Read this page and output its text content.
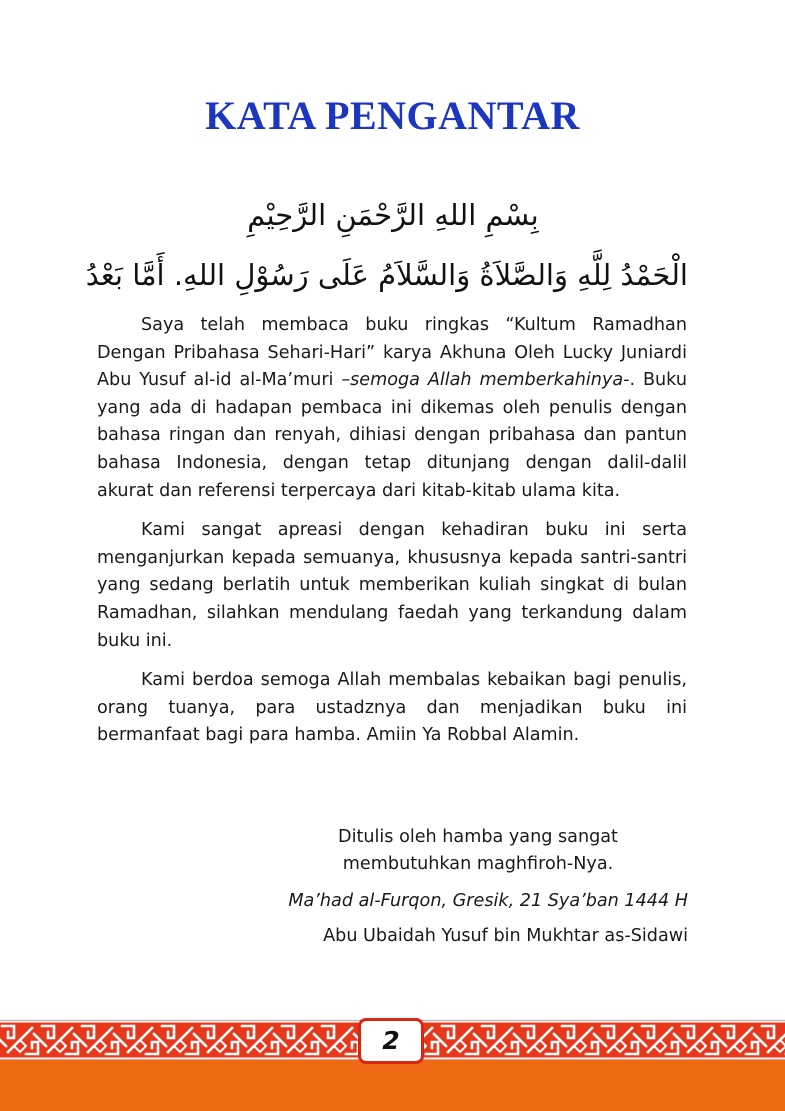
KATA PENGANTAR

بِسْمِ اللهِ الرَّحْمَنِ الرَّحِيْمِ

الْحَمْدُ لِلَّهِ وَالصَّلاَةُ وَالسَّلاَمُ عَلَى رَسُوْلِ اللهِ. أَمَّا بَعْدُ

Saya telah membaca buku ringkas “Kultum Ramadhan Dengan Pribahasa Sehari-Hari” karya Akhuna Oleh Lucky Juniardi Abu Yusuf al-id al-Ma’muri –semoga Allah memberkahinya-. Buku yang ada di hadapan pembaca ini dikemas oleh penulis dengan bahasa ringan dan renyah, dihiasi dengan pribahasa dan pantun bahasa Indonesia, dengan tetap ditunjang dengan dalil-dalil akurat dan referensi terpercaya dari kitab-kitab ulama kita.

Kami sangat apreasi dengan kehadiran buku ini serta menganjurkan kepada semuanya, khususnya kepada santri-santri yang sedang berlatih untuk memberikan kuliah singkat di bulan Ramadhan, silahkan mendulang faedah yang terkandung dalam buku ini.

Kami berdoa semoga Allah membalas kebaikan bagi penulis, orang tuanya, para ustadznya dan menjadikan buku ini bermanfaat bagi para hamba. Amiin Ya Robbal Alamin.

Ditulis oleh hamba yang sangat membutuhkan maghfiroh-Nya.
Ma’had al-Furqon, Gresik, 21 Sya’ban 1444 H
Abu Ubaidah Yusuf bin Mukhtar as-Sidawi
2
